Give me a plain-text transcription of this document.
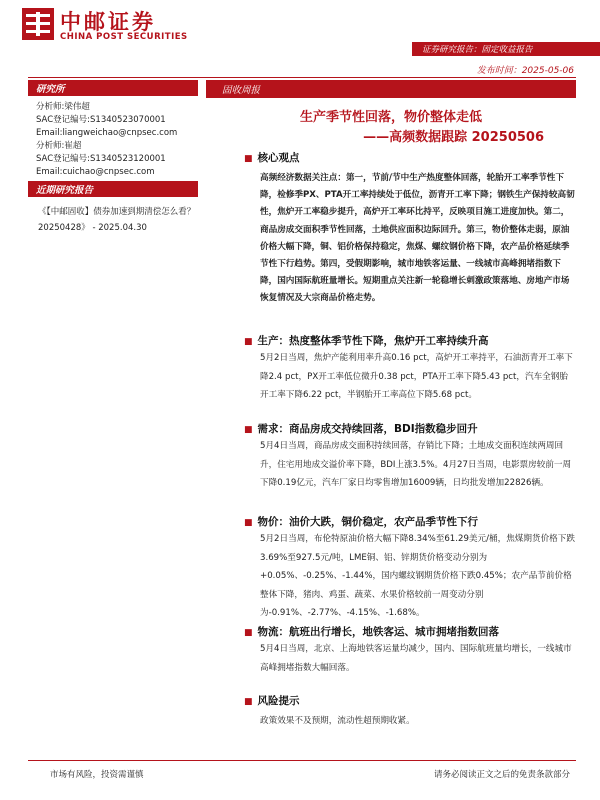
中邮证券
CHINA POST SECURITIES
证券研究报告：固定收益报告
发布时间：2025-05-06
研究所
分析师:梁伟超
SAC登记编号:S1340523070001
Email:liangweichao@cnpsec.com
分析师:崔超
SAC登记编号:S1340523120001
Email:cuichao@cnpsec.com
近期研究报告
《【中邮固收】债券加速到期清偿怎么看？20250428》 - 2025.04.30
固收周报
生产季节性回落，物价整体走低
——高频数据跟踪 20250506
■ 核心观点
高频经济数据关注点：第一，节前/节中生产热度整体回落，轮胎开工率季节性下降，检修季PX、PTA开工率持续处于低位，沥青开工率下降；钢铁生产保持较高韧性，焦炉开工率稳步提升，高炉开工率环比持平，反映项目施工进度加快。第二，商品房成交面积季节性回落，土地供应面积边际回升。第三，物价整体走弱，原油价格大幅下降，铜、铝价格保持稳定，焦煤、螺纹钢价格下降，农产品价格延续季节性下行趋势。第四，受假期影响，城市地铁客运量、一线城市高峰拥堵指数下降，国内国际航班量增长。短期重点关注新一轮稳增长刺激政策落地、房地产市场恢复情况及大宗商品价格走势。
■ 生产：热度整体季节性下降，焦炉开工率持续升高
5月2日当周，焦炉产能利用率升高0.16 pct，高炉开工率持平，石油沥青开工率下降2.4 pct，PX开工率低位微升0.38 pct，PTA开工率下降5.43 pct，汽车全钢胎开工率下降6.22 pct，半钢胎开工率高位下降5.68 pct。
■ 需求：商品房成交持续回落，BDI指数稳步回升
5月4日当周，商品房成交面积持续回落，存销比下降；土地成交面积连续两周回升，住宅用地成交溢价率下降，BDI上涨3.5%。4月27日当周，电影票房较前一周下降0.19亿元，汽车厂家日均零售增加16009辆，日均批发增加22826辆。
■ 物价：油价大跌，铜价稳定，农产品季节性下行
5月2日当周，布伦特原油价格大幅下降8.34%至61.29美元/桶，焦煤期货价格下跌3.69%至927.5元/吨，LME铜、铝、锌期货价格变动分别为+0.05%、-0.25%、-1.44%，国内螺纹钢期货价格下跌0.45%；农产品节前价格整体下降，猪肉、鸡蛋、蔬菜、水果价格较前一周变动分别为-0.91%、-2.77%、-4.15%、-1.68%。
■ 物流：航班出行增长，地铁客运、城市拥堵指数回落
5月4日当周，北京、上海地铁客运量均减少，国内、国际航班量均增长，一线城市高峰拥堵指数大幅回落。
■ 风险提示
政策效果不及预期，流动性超预期收紧。
市场有风险，投资需谨慎	请务必阅读正文之后的免责条款部分
